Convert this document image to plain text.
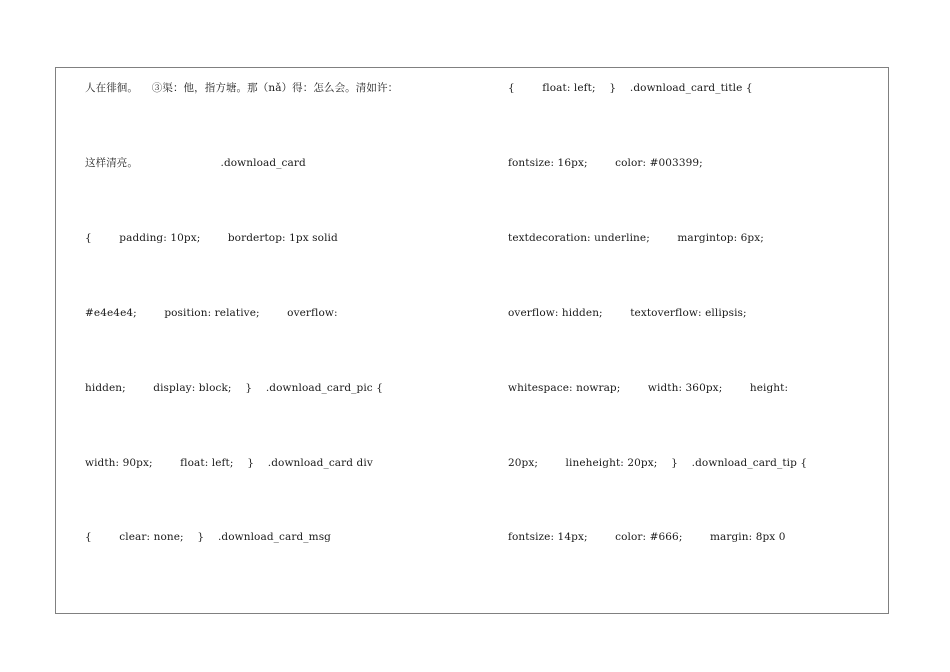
人在徘徊。    ③渠：他，指方塘。那（nǎ）得：怎么会。清如许：
这样清亮。                        .download_card
{        padding: 10px;        bordertop: 1px solid
#e4e4e4;        position: relative;        overflow:
hidden;        display: block;    }    .download_card_pic {
width: 90px;        float: left;    }    .download_card div
{        clear: none;    }    .download_card_msg
{        float: left;    }    .download_card_title {
fontsize: 16px;        color: #003399;
textdecoration: underline;        margintop: 6px;
overflow: hidden;        textoverflow: ellipsis;
whitespace: nowrap;        width: 360px;        height:
20px;        lineheight: 20px;    }    .download_card_tip {
fontsize: 14px;        color: #666;        margin: 8px 0
